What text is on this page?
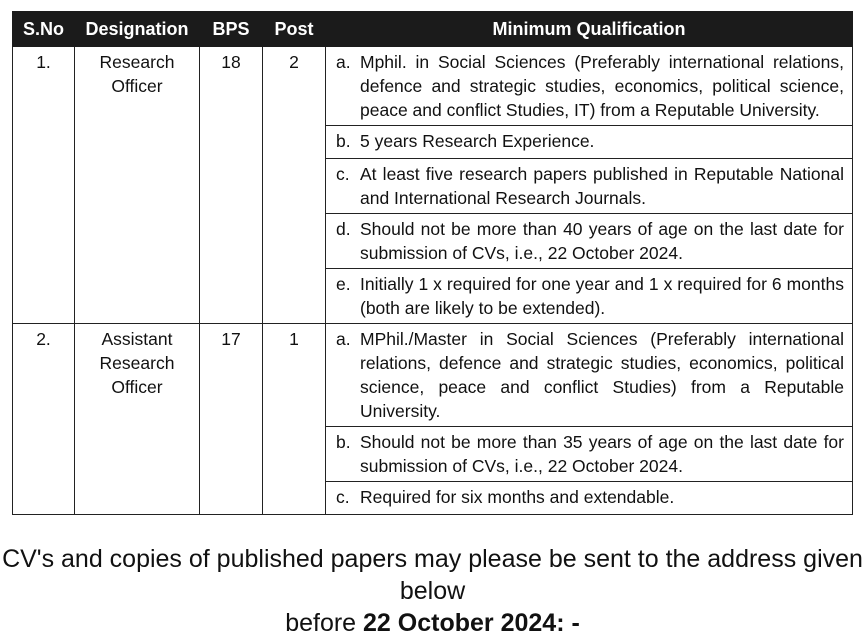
S.No	Designation	BPS	Post	Minimum Qualification
1.	Research Officer	18	2	a. Mphil. in Social Sciences (Preferably international relations, defence and strategic studies, economics, political science, peace and conflict Studies, IT) from a Reputable University.

				b. 5 years Research Experience.

				c. At least five research papers published in Reputable National and International Research Journals.

				d. Should not be more than 40 years of age on the last date for submission of CVs, i.e., 22 October 2024.

				e. Initially 1 x required for one year and 1 x required for 6 months (both are likely to be extended).

2.	Assistant Research Officer	17	1	a. MPhil./Master in Social Sciences (Preferably international relations, defence and strategic studies, economics, political science, peace and conflict Studies) from a Reputable University.

				b. Should not be more than 35 years of age on the last date for submission of CVs, i.e., 22 October 2024.

				c. Required for six months and extendable.
CV's and copies of published papers may please be sent to the address given below
before 22 October 2024: -
